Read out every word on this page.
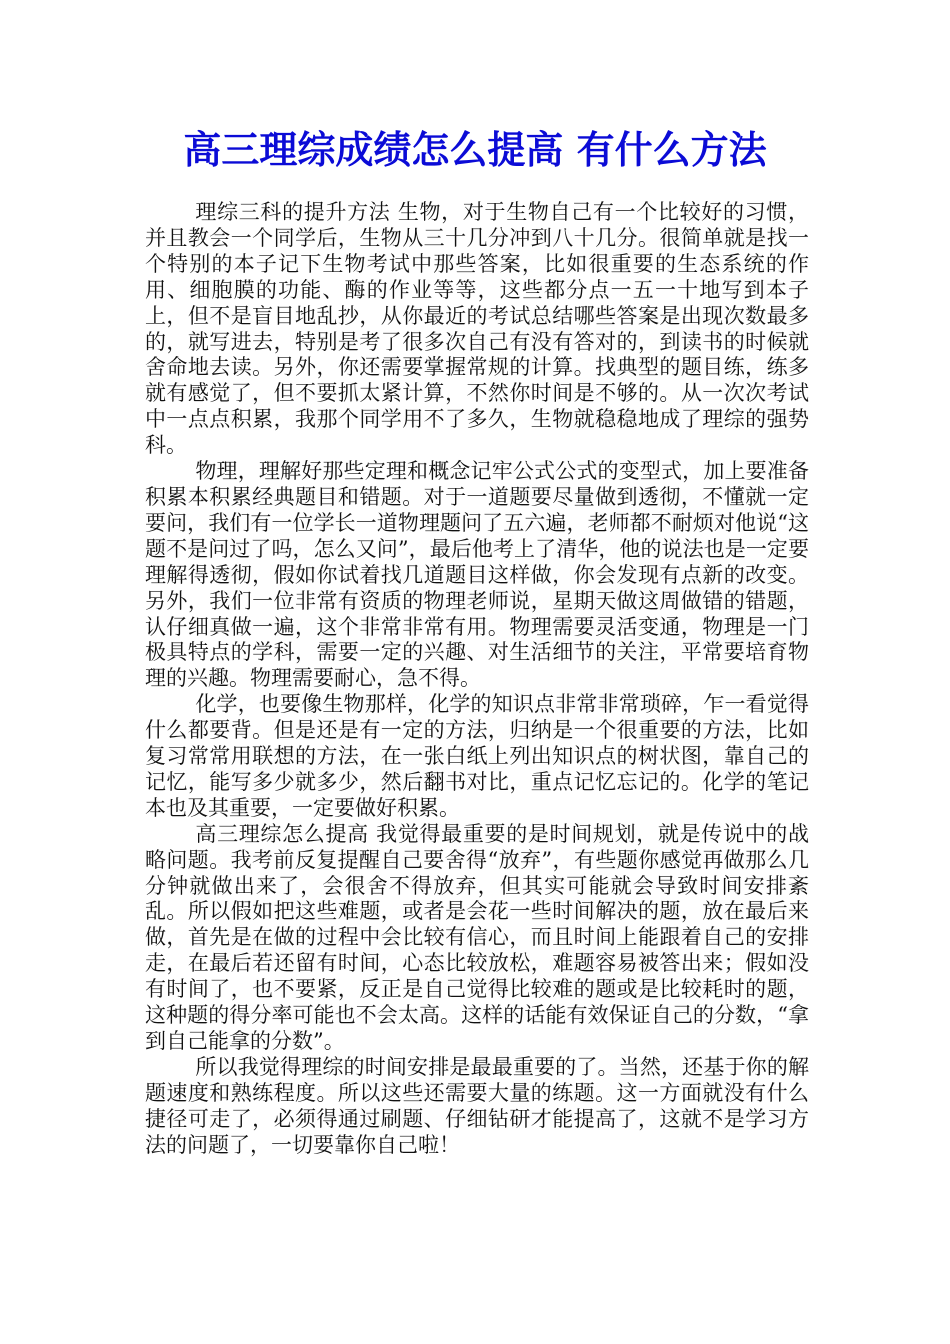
高三理综成绩怎么提高 有什么方法

理综三科的提升方法 生物，对于生物自己有一个比较好的习惯，并且教会一个同学后，生物从三十几分冲到八十几分。很简单就是找一个特别的本子记下生物考试中那些答案，比如很重要的生态系统的作用、细胞膜的功能、酶的作业等等，这些都分点一五一十地写到本子上，但不是盲目地乱抄，从你最近的考试总结哪些答案是出现次数最多的，就写进去，特别是考了很多次自己有没有答对的，到读书的时候就舍命地去读。另外，你还需要掌握常规的计算。找典型的题目练，练多就有感觉了，但不要抓太紧计算，不然你时间是不够的。从一次次考试中一点点积累，我那个同学用不了多久，生物就稳稳地成了理综的强势科。

物理，理解好那些定理和概念记牢公式公式的变型式，加上要准备积累本积累经典题目和错题。对于一道题要尽量做到透彻，不懂就一定要问，我们有一位学长一道物理题问了五六遍，老师都不耐烦对他说“这题不是问过了吗，怎么又问”，最后他考上了清华，他的说法也是一定要理解得透彻，假如你试着找几道题目这样做，你会发现有点新的改变。另外，我们一位非常有资质的物理老师说，星期天做这周做错的错题，认仔细真做一遍，这个非常非常有用。物理需要灵活变通，物理是一门极具特点的学科，需要一定的兴趣、对生活细节的关注，平常要培育物理的兴趣。物理需要耐心，急不得。

化学，也要像生物那样，化学的知识点非常非常琐碎，乍一看觉得什么都要背。但是还是有一定的方法，归纳是一个很重要的方法，比如复习常常用联想的方法，在一张白纸上列出知识点的树状图，靠自己的记忆，能写多少就多少，然后翻书对比，重点记忆忘记的。化学的笔记本也及其重要，一定要做好积累。

高三理综怎么提高 我觉得最重要的是时间规划，就是传说中的战略问题。我考前反复提醒自己要舍得“放弃”，有些题你感觉再做那么几分钟就做出来了，会很舍不得放弃，但其实可能就会导致时间安排紊乱。所以假如把这些难题，或者是会花一些时间解决的题，放在最后来做，首先是在做的过程中会比较有信心，而且时间上能跟着自己的安排走，在最后若还留有时间，心态比较放松，难题容易被答出来；假如没有时间了，也不要紧，反正是自己觉得比较难的题或是比较耗时的题，这种题的得分率可能也不会太高。这样的话能有效保证自己的分数，“拿到自己能拿的分数”。

所以我觉得理综的时间安排是最最重要的了。当然，还基于你的解题速度和熟练程度。所以这些还需要大量的练题。这一方面就没有什么捷径可走了，必须得通过刷题、仔细钻研才能提高了，这就不是学习方法的问题了，一切要靠你自己啦！
